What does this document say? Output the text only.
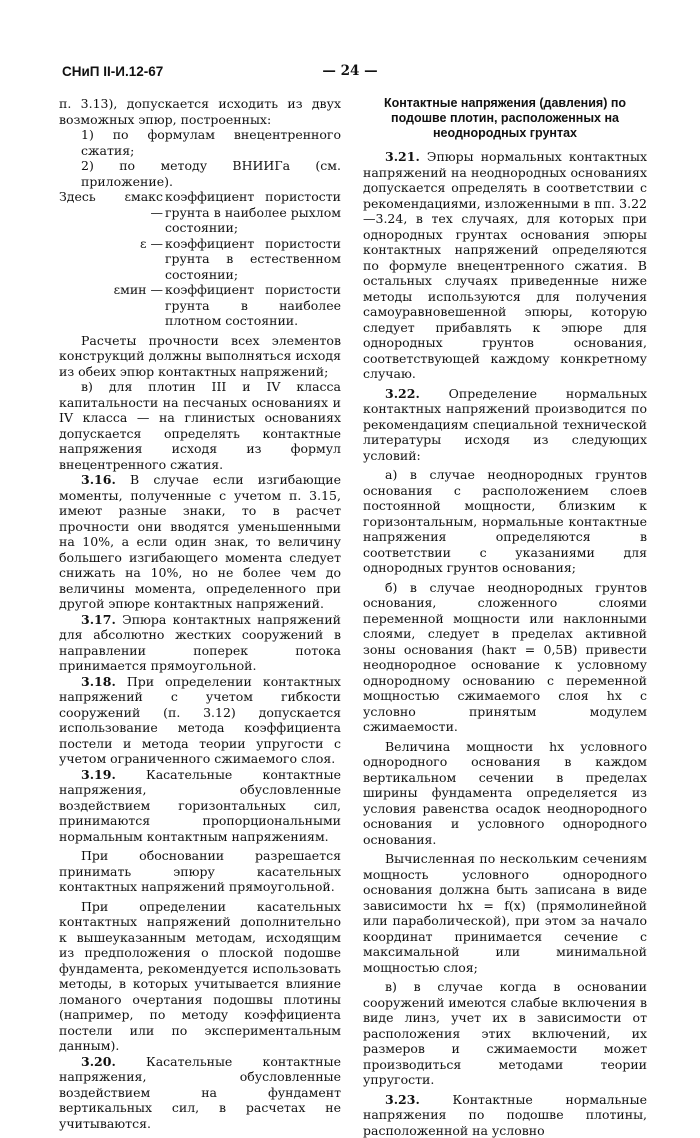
СНиП II-И.12-67	— 24 —

п. 3.13), допускается исходить из двух возможных эпюр, построенных:

1) по формулам внецентренного сжатия;

2) по методу ВНИИГа (см. приложение).

Здесь	εмакс —
коэффициент пористости грунта в наиболее рыхлом состоянии;
ε — коэффициент пористости грунта в естественном состоянии;
εмин — коэффициент пористости грунта в наиболее плотном состоянии.

Расчеты прочности всех элементов конструкций должны выполняться исходя из обеих эпюр контактных напряжений;

в) для плотин III и IV класса капитальности на песчаных основаниях и IV класса — на глинистых основаниях допускается определять контактные напряжения исходя из формул внецентренного сжатия.

3.16. В случае если изгибающие моменты, полученные с учетом п. 3.15, имеют разные знаки, то в расчет прочности они вводятся уменьшенными на 10%, а если один знак, то величину большего изгибающего момента следует снижать на 10%, но не более чем до величины момента, определенного при другой эпюре контактных напряжений.

3.17. Эпюра контактных напряжений для абсолютно жестких сооружений в направлении поперек потока принимается прямоугольной.

3.18. При определении контактных напряжений с учетом гибкости сооружений (п. 3.12) допускается использование метода коэффициента постели и метода теории упругости с учетом ограниченного сжимаемого слоя.

3.19. Касательные контактные напряжения, обусловленные воздействием горизонтальных сил, принимаются пропорциональными нормальным контактным напряжениям.

При обосновании разрешается принимать эпюру касательных контактных напряжений прямоугольной.

При определении касательных контактных напряжений дополнительно к вышеуказанным методам, исходящим из предположения о плоской подошве фундамента, рекомендуется использовать методы, в которых учитывается влияние ломаного очертания подошвы плотины (например, по методу коэффициента постели или по экспериментальным данным).

3.20. Касательные контактные напряжения, обусловленные воздействием на фундамент вертикальных сил, в расчетах не учитываются.

Контактные напряжения (давления) по подошве плотин, расположенных на неоднородных грунтах

3.21. Эпюры нормальных контактных напряжений на неоднородных основаниях допускается определять в соответствии с рекомендациями, изложенными в пп. 3.22—3.24, в тех случаях, для которых при однородных грунтах основания эпюры контактных напряжений определяются по формуле внецентренного сжатия. В остальных случаях приведенные ниже методы используются для получения самоуравновешенной эпюры, которую следует прибавлять к эпюре для однородных грунтов основания, соответствующей каждому конкретному случаю.

3.22. Определение нормальных контактных напряжений производится по рекомендациям специальной технической литературы исходя из следующих условий:

а) в случае неоднородных грунтов основания с расположением слоев постоянной мощности, близким к горизонтальным, нормальные контактные напряжения определяются в соответствии с указаниями для однородных грунтов основания;

б) в случае неоднородных грунтов основания, сложенного слоями переменной мощности или наклонными слоями, следует в пределах активной зоны основания (hакт = 0,5B) привести неоднородное основание к условному однородному основанию с переменной мощностью сжимаемого слоя hx с условно принятым модулем сжимаемости.

Величина мощности hx условного однородного основания в каждом вертикальном сечении в пределах ширины фундамента определяется из условия равенства осадок неоднородного основания и условного однородного основания.

Вычисленная по нескольким сечениям мощность условного однородного основания должна быть записана в виде зависимости hx = f(x) (прямолинейной или параболической), при этом за начало координат принимается сечение с максимальной или минимальной мощностью слоя;

в) в случае когда в основании сооружений имеются слабые включения в виде линз, учет их в зависимости от расположения этих включений, их размеров и сжимаемости может производиться методами теории упругости.

3.23.	Контактные нормальные напряжения по подошве плотины, расположенной на условно
